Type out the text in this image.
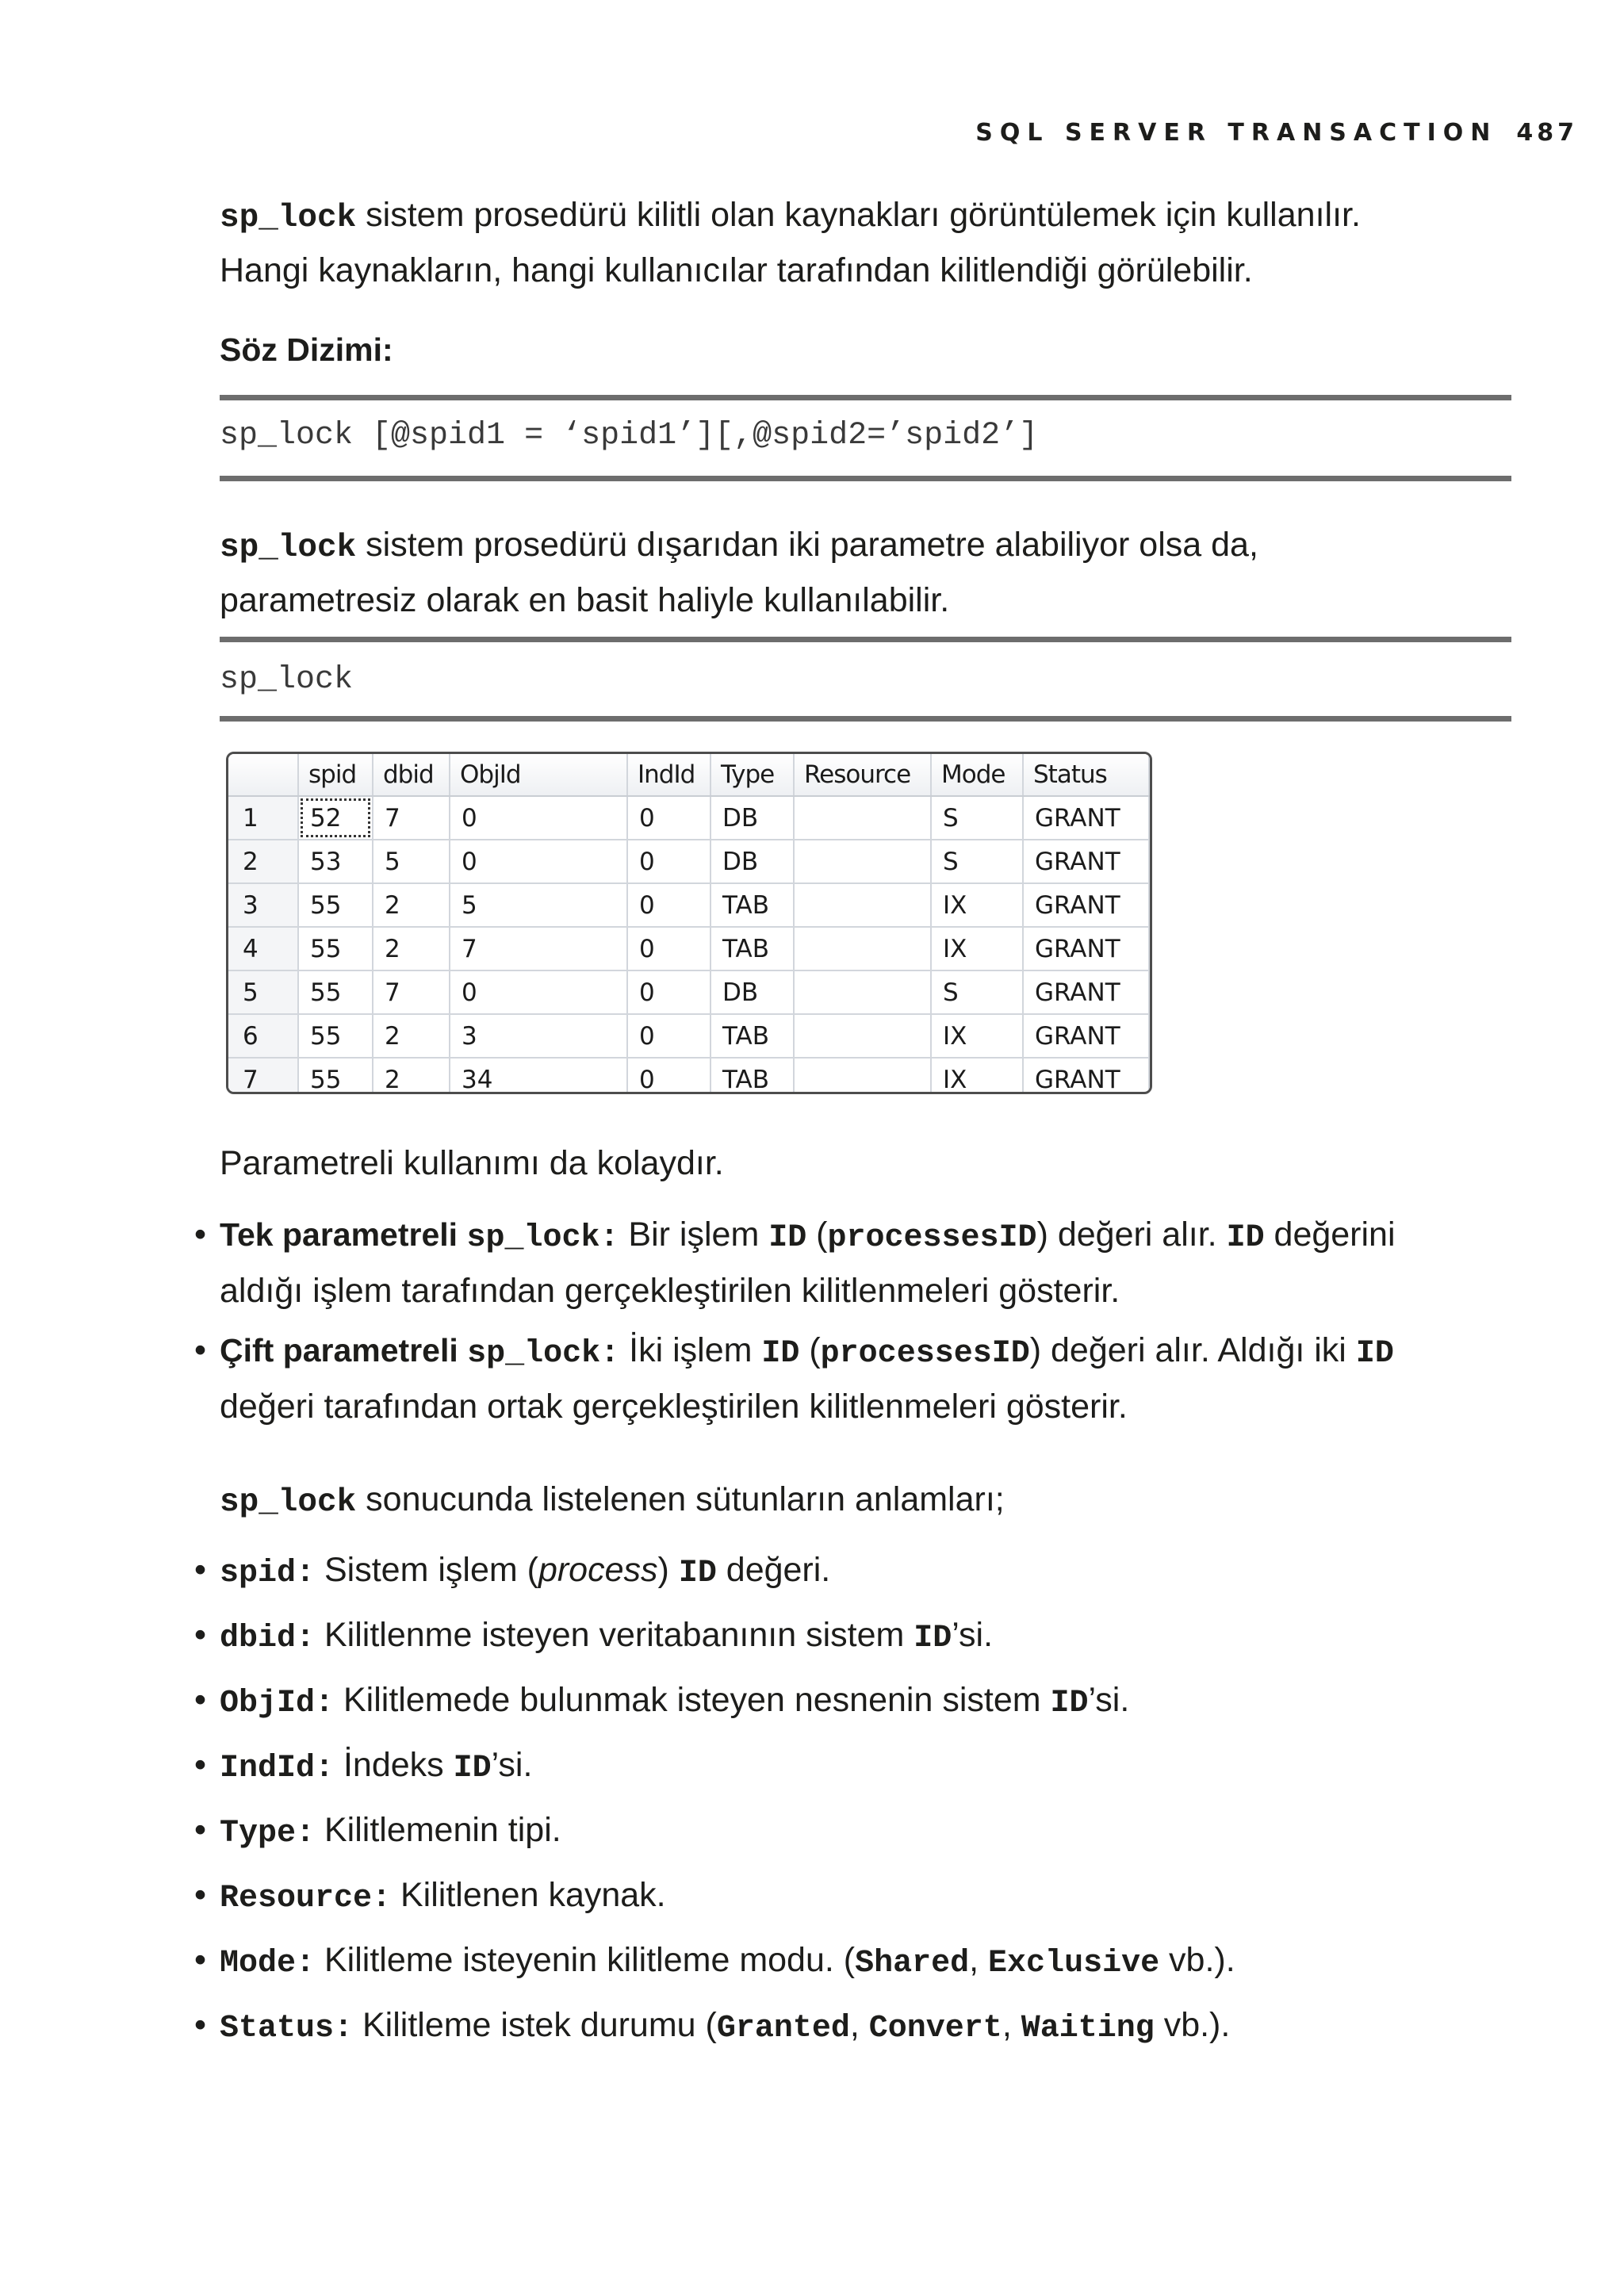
SQL SERVER TRANSACTION 487
sp_lock sistem prosedürü kilitli olan kaynakları görüntülemek için kullanılır.
Hangi kaynakların, hangi kullanıcılar tarafından kilitlendiği görülebilir.
Söz Dizimi:
sp_lock [@spid1 = ‘spid1’][,@spid2=’spid2’]
sp_lock sistem prosedürü dışarıdan iki parametre alabiliyor olsa da,
parametresiz olarak en basit haliyle kullanılabilir.
sp_lock
	spid	dbid	ObjId	IndId	Type	Resource	Mode	Status
1	52	7	0	0	DB		S	GRANT
2	53	5	0	0	DB		S	GRANT
3	55	2	5	0	TAB		IX	GRANT
4	55	2	7	0	TAB		IX	GRANT
5	55	7	0	0	DB		S	GRANT
6	55	2	3	0	TAB		IX	GRANT
7	55	2	34	0	TAB		IX	GRANT
Parametreli kullanımı da kolaydır.
• Tek parametreli sp_lock: Bir işlem ID (processesID) değeri alır. ID değerini
aldığı işlem tarafından gerçekleştirilen kilitlenmeleri gösterir.
• Çift parametreli sp_lock: İki işlem ID (processesID) değeri alır. Aldığı iki ID
değeri tarafından ortak gerçekleştirilen kilitlenmeleri gösterir.
sp_lock sonucunda listelenen sütunların anlamları;
• spid: Sistem işlem (process) ID değeri.
• dbid: Kilitlenme isteyen veritabanının sistem ID’si.
• ObjId: Kilitlemede bulunmak isteyen nesnenin sistem ID’si.
• IndId: İndeks ID’si.
• Type: Kilitlemenin tipi.
• Resource: Kilitlenen kaynak.
• Mode: Kilitleme isteyenin kilitleme modu. (Shared, Exclusive vb.).
• Status: Kilitleme istek durumu (Granted, Convert, Waiting vb.).
